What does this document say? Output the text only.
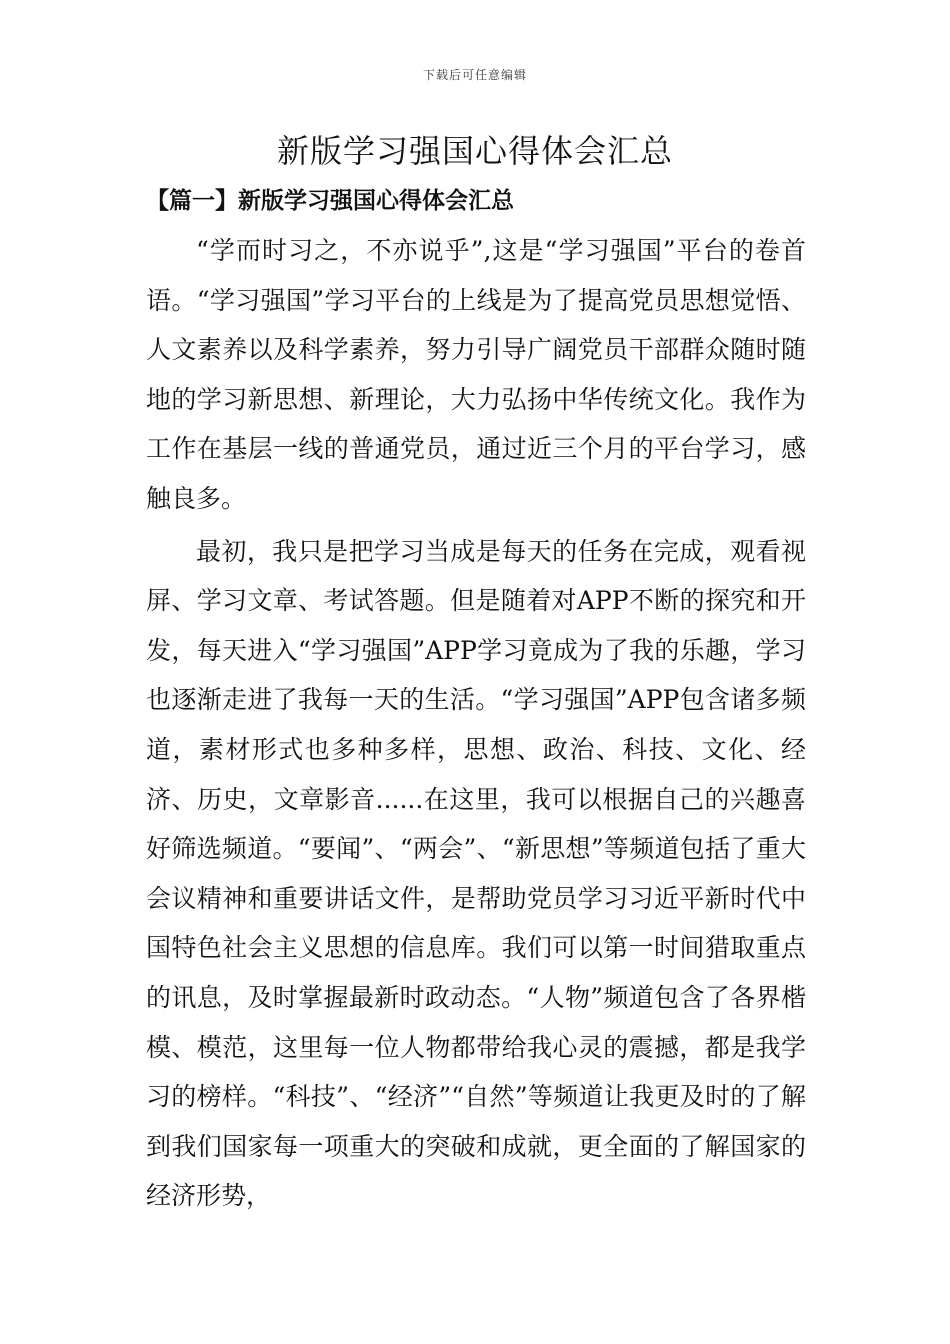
下载后可任意编辑
新版学习强国心得体会汇总
【篇一】新版学习强国心得体会汇总

“学而时习之，不亦说乎”,这是“学习强国”平台的卷首语。“学习强国”学习平台的上线是为了提高党员思想觉悟、人文素养以及科学素养，努力引导广阔党员干部群众随时随地的学习新思想、新理论，大力弘扬中华传统文化。我作为工作在基层一线的普通党员，通过近三个月的平台学习，感触良多。

最初，我只是把学习当成是每天的任务在完成，观看视屏、学习文章、考试答题。但是随着对APP不断的探究和开发，每天进入“学习强国”APP学习竟成为了我的乐趣，学习也逐渐走进了我每一天的生活。“学习强国”APP包含诸多频道，素材形式也多种多样，思想、政治、科技、文化、经济、历史，文章影音......在这里，我可以根据自己的兴趣喜好筛选频道。“要闻”、“两会”、“新思想”等频道包括了重大会议精神和重要讲话文件，是帮助党员学习习近平新时代中国特色社会主义思想的信息库。我们可以第一时间猎取重点的讯息，及时掌握最新时政动态。“人物”频道包含了各界楷模、模范，这里每一位人物都带给我心灵的震撼，都是我学习的榜样。“科技”、“经济”“自然”等频道让我更及时的了解到我们国家每一项重大的突破和成就，更全面的了解国家的经济形势，
